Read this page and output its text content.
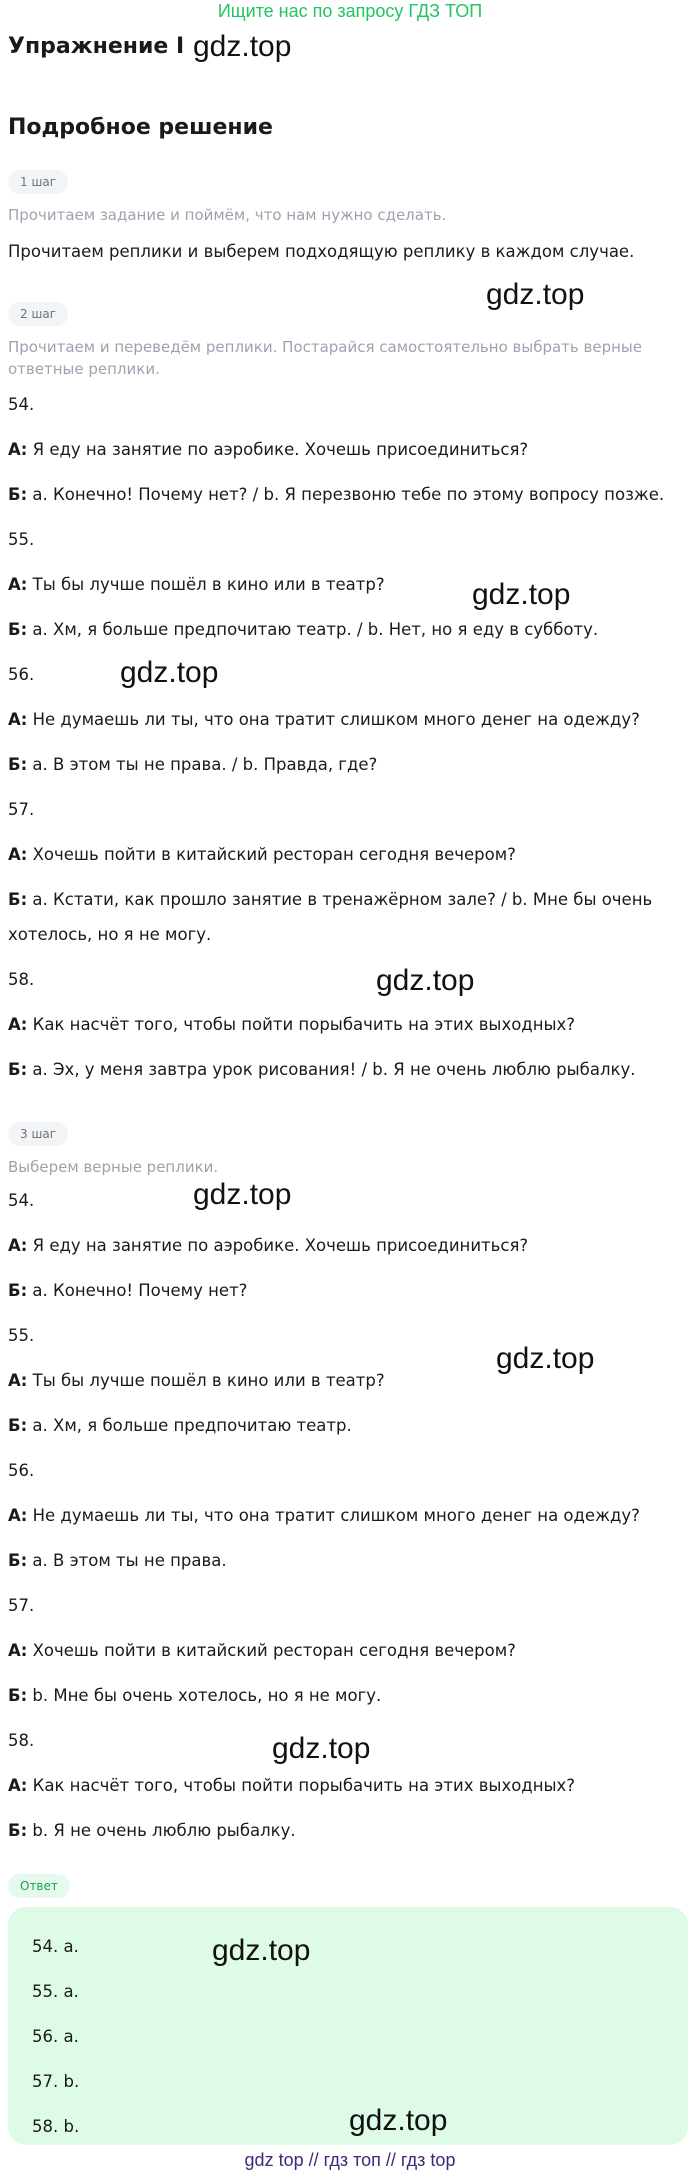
Ищите нас по запросу ГДЗ ТОП
Упражнение I
Подробное решение
1 шаг
Прочитаем задание и поймём, что нам нужно сделать.
Прочитаем реплики и выберем подходящую реплику в каждом случае.
2 шаг
Прочитаем и переведём реплики. Постарайся самостоятельно выбрать верные ответные реплики.
54.
А: Я еду на занятие по аэробике. Хочешь присоединиться?
Б: a. Конечно! Почему нет? / b. Я перезвоню тебе по этому вопросу позже.
55.
А: Ты бы лучше пошёл в кино или в театр?
Б: a. Хм, я больше предпочитаю театр. / b. Нет, но я еду в субботу.
56.
А: Не думаешь ли ты, что она тратит слишком много денег на одежду?
Б: a. В этом ты не права. / b. Правда, где?
57.
А: Хочешь пойти в китайский ресторан сегодня вечером?
Б: a. Кстати, как прошло занятие в тренажёрном зале? / b. Мне бы очень хотелось, но я не могу.
58.
А: Как насчёт того, чтобы пойти порыбачить на этих выходных?
Б: a. Эх, у меня завтра урок рисования! / b. Я не очень люблю рыбалку.
3 шаг
Выберем верные реплики.
54.
А: Я еду на занятие по аэробике. Хочешь присоединиться?
Б: a. Конечно! Почему нет?
55.
А: Ты бы лучше пошёл в кино или в театр?
Б: a. Хм, я больше предпочитаю театр.
56.
А: Не думаешь ли ты, что она тратит слишком много денег на одежду?
Б: a. В этом ты не права.
57.
А: Хочешь пойти в китайский ресторан сегодня вечером?
Б: b. Мне бы очень хотелось, но я не могу.
58.
А: Как насчёт того, чтобы пойти порыбачить на этих выходных?
Б: b. Я не очень люблю рыбалку.
Ответ
54. a.
55. a.
56. a.
57. b.
58. b.
gdz.top
gdz.top
gdz.top
gdz.top
gdz.top
gdz.top
gdz.top
gdz.top
gdz.top
gdz.top
gdz top // гдз топ // гдз top
